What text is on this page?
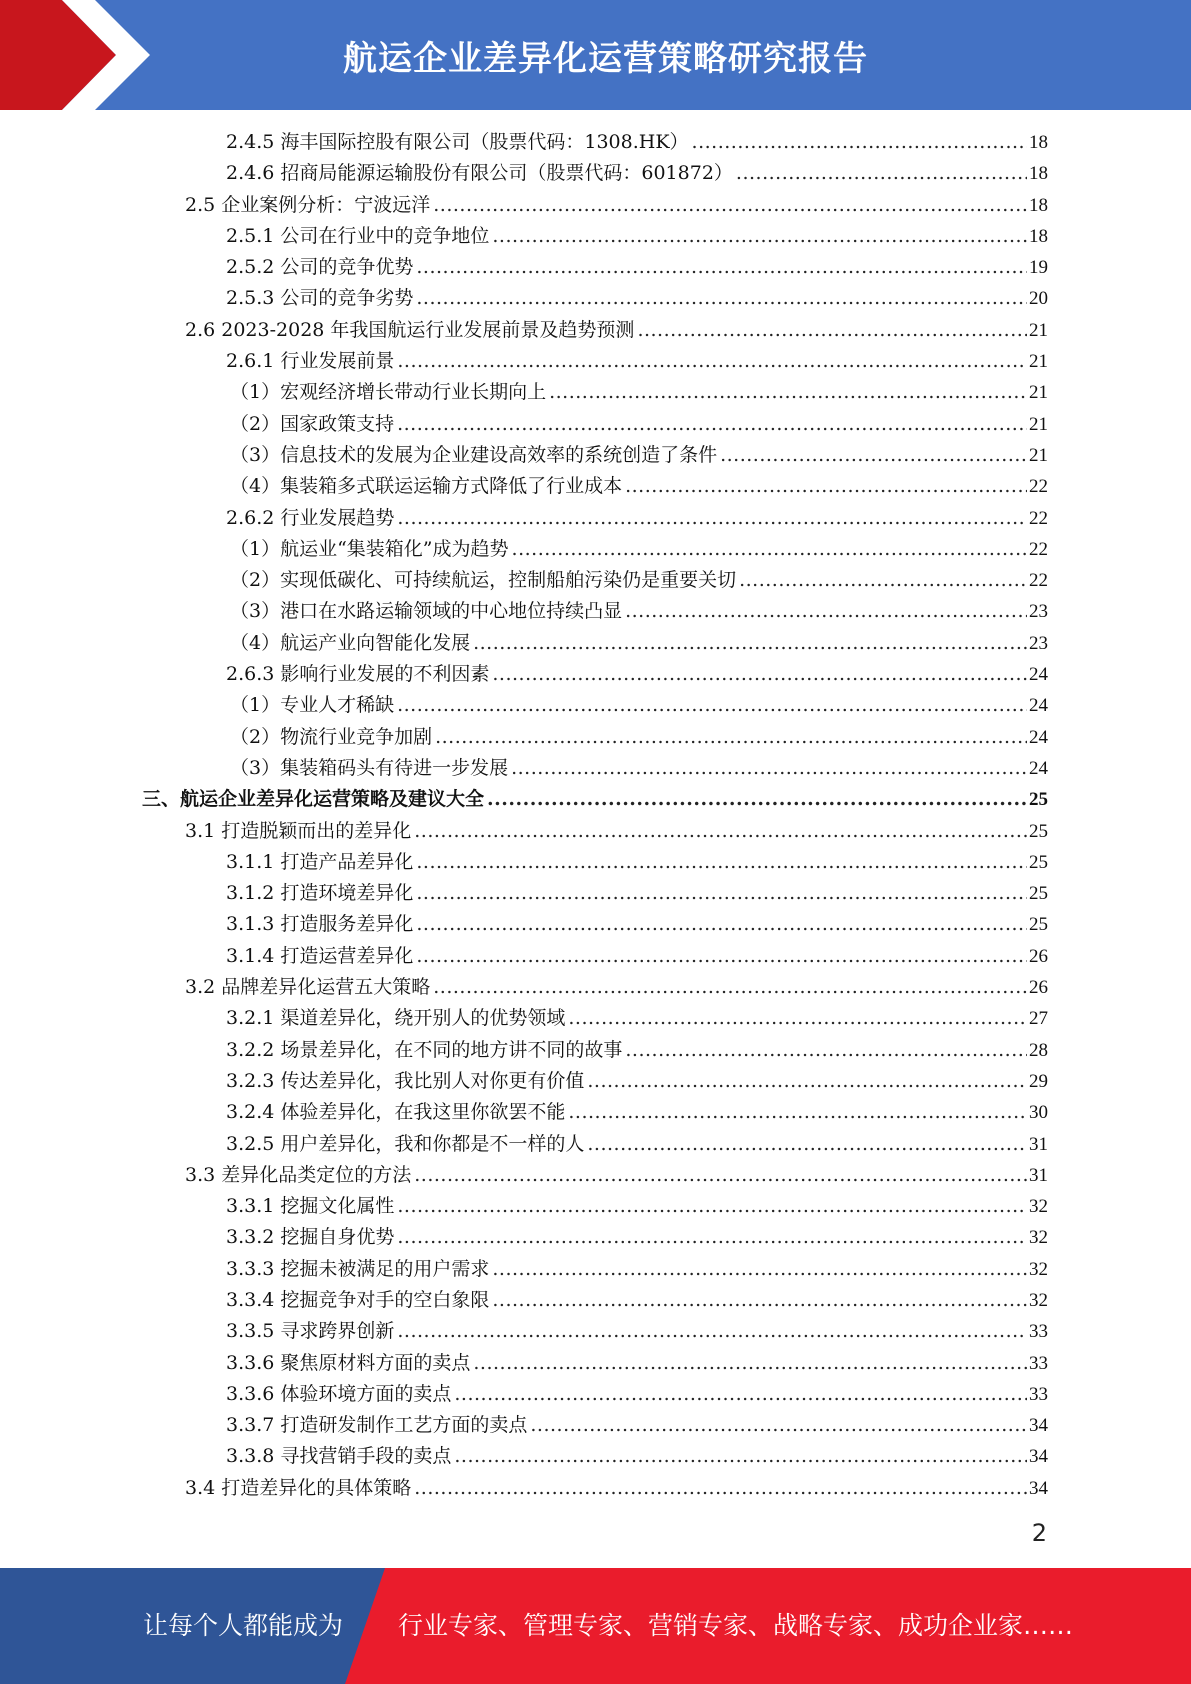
航运企业差异化运营策略研究报告
2.4.5 海丰国际控股有限公司（股票代码：1308.HK） .....	18
2.4.6 招商局能源运输股份有限公司（股票代码：601872） .....	18
2.5 企业案例分析：宁波远洋 .....	18
2.5.1 公司在行业中的竞争地位 .....	18
2.5.2 公司的竞争优势 .....	19
2.5.3 公司的竞争劣势 .....	20
2.6 2023-2028 年我国航运行业发展前景及趋势预测 .....	21
2.6.1 行业发展前景 .....	21
（1）宏观经济增长带动行业长期向上 .....	21
（2）国家政策支持 .....	21
（3）信息技术的发展为企业建设高效率的系统创造了条件 .....	21
（4）集装箱多式联运运输方式降低了行业成本 .....	22
2.6.2 行业发展趋势 .....	22
（1）航运业“集装箱化”成为趋势 .....	22
（2）实现低碳化、可持续航运，控制船舶污染仍是重要关切 .....	22
（3）港口在水路运输领域的中心地位持续凸显 .....	23
（4）航运产业向智能化发展 .....	23
2.6.3 影响行业发展的不利因素 .....	24
（1）专业人才稀缺 .....	24
（2）物流行业竞争加剧 .....	24
（3）集装箱码头有待进一步发展 .....	24
三、航运企业差异化运营策略及建议大全 .....	25
3.1 打造脱颖而出的差异化 .....	25
3.1.1 打造产品差异化 .....	25
3.1.2 打造环境差异化 .....	25
3.1.3 打造服务差异化 .....	25
3.1.4 打造运营差异化 .....	26
3.2 品牌差异化运营五大策略 .....	26
3.2.1 渠道差异化，绕开别人的优势领域 .....	27
3.2.2 场景差异化，在不同的地方讲不同的故事 .....	28
3.2.3 传达差异化，我比别人对你更有价值 .....	29
3.2.4 体验差异化，在我这里你欲罢不能 .....	30
3.2.5 用户差异化，我和你都是不一样的人 .....	31
3.3 差异化品类定位的方法 .....	31
3.3.1 挖掘文化属性 .....	32
3.3.2 挖掘自身优势 .....	32
3.3.3 挖掘未被满足的用户需求 .....	32
3.3.4 挖掘竞争对手的空白象限 .....	32
3.3.5 寻求跨界创新 .....	33
3.3.6 聚焦原材料方面的卖点 .....	33
3.3.6 体验环境方面的卖点 .....	33
3.3.7 打造研发制作工艺方面的卖点 .....	34
3.3.8 寻找营销手段的卖点 .....	34
3.4 打造差异化的具体策略 .....	34
2
让每个人都能成为 行业专家、管理专家、营销专家、战略专家、成功企业家……
